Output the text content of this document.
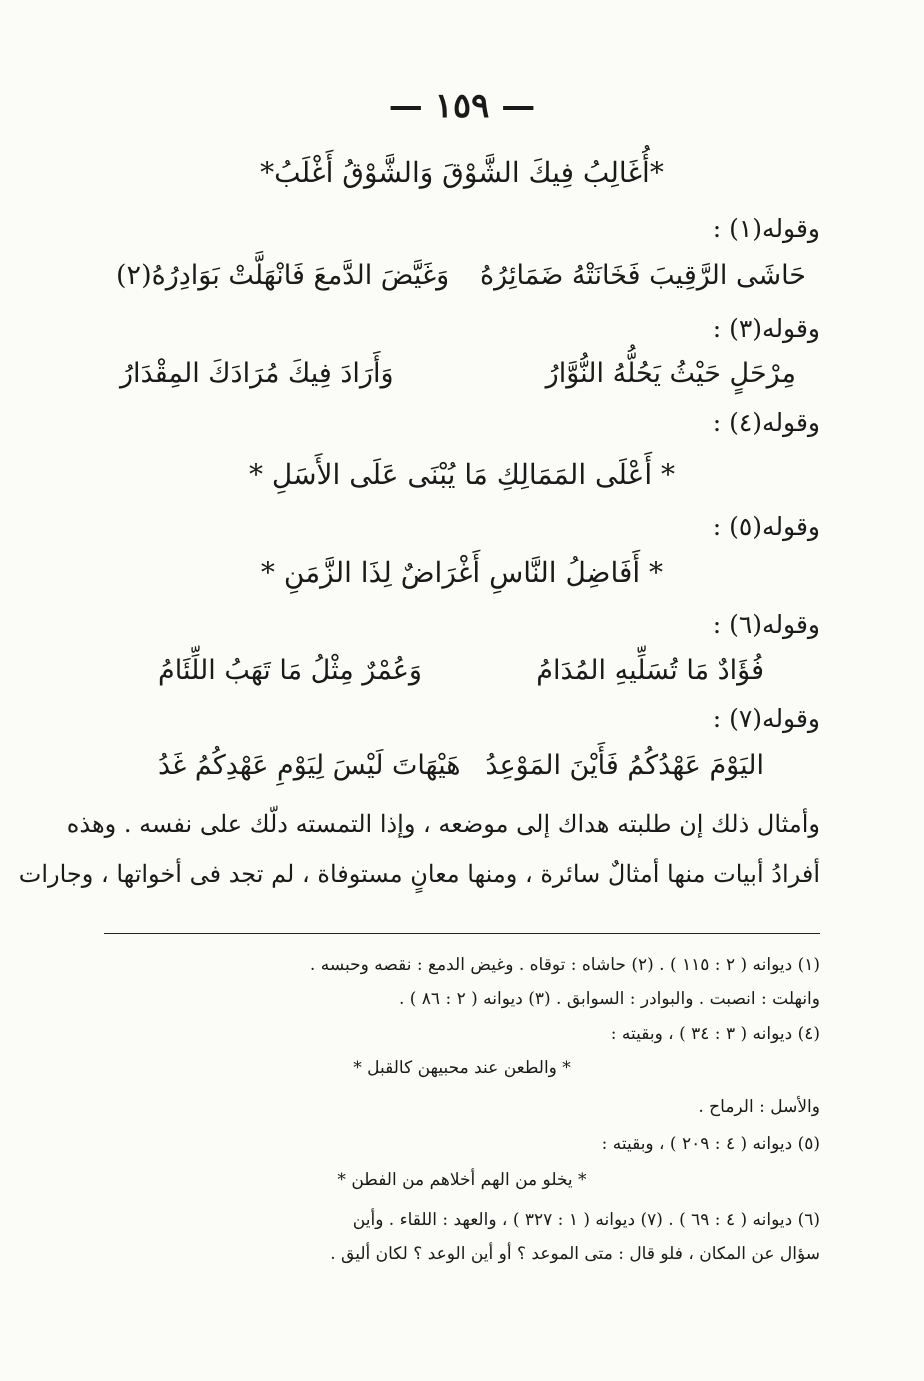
— ١٥٩ —
*أُغَالِبُ فِيكَ الشَّوْقَ وَالشَّوْقُ أَغْلَبُ*
وقوله(١) :
حَاشَى الرَّقِيبَ فَخَانَتْهُ ضَمَائِرُهُ
وَغَيَّضَ الدَّمعَ فَانْهَلَّتْ بَوَادِرُهُ(٢)
وقوله(٣) :
مِرْحَلٍ حَيْثُ يَحُلُّهُ النُّوَّارُ
وَأَرَادَ فِيكَ مُرَادَكَ المِقْدَارُ
وقوله(٤) :
* أَعْلَى المَمَالِكِ مَا يُبْنَى عَلَى الأَسَلِ *
وقوله(٥) :
* أَفَاضِلُ النَّاسِ أَغْرَاضٌ لِذَا الزَّمَنِ *
وقوله(٦) :
فُؤَادٌ مَا تُسَلِّيهِ المُدَامُ
وَعُمْرٌ مِثْلُ مَا تَهَبُ اللِّئَامُ
وقوله(٧) :
اليَوْمَ عَهْدُكُمُ فَأَيْنَ المَوْعِدُ
هَيْهَاتَ لَيْسَ لِيَوْمِ عَهْدِكُمُ غَدُ
وأمثال ذلك إن طلبته هداك إلى موضعه ، وإذا التمسته دلّك على نفسه . وهذه
أفرادُ أبيات منها أمثالٌ سائرة ، ومنها معانٍ مستوفاة ، لم تجد فى أخواتها ، وجارات
(١) ديوانه ( ٢ : ١١٥ ) . (٢) حاشاه : توقاه . وغيض الدمع : نقصه وحبسه .
وانهلت : انصبت . والبوادر : السوابق . (٣) ديوانه ( ٢ : ٨٦ ) .
(٤) ديوانه ( ٣ : ٣٤ ) ، وبقيته :
* والطعن عند محبيهن كالقبل *
والأسل : الرماح .
(٥) ديوانه ( ٤ : ٢٠٩ ) ، وبقيته :
* يخلو من الهم أخلاهم من الفطن *
(٦) ديوانه ( ٤ : ٦٩ ) . (٧) ديوانه ( ١ : ٣٢٧ ) ، والعهد : اللقاء . وأين
سؤال عن المكان ، فلو قال : متى الموعد ؟ أو أين الوعد ؟ لكان أليق .
